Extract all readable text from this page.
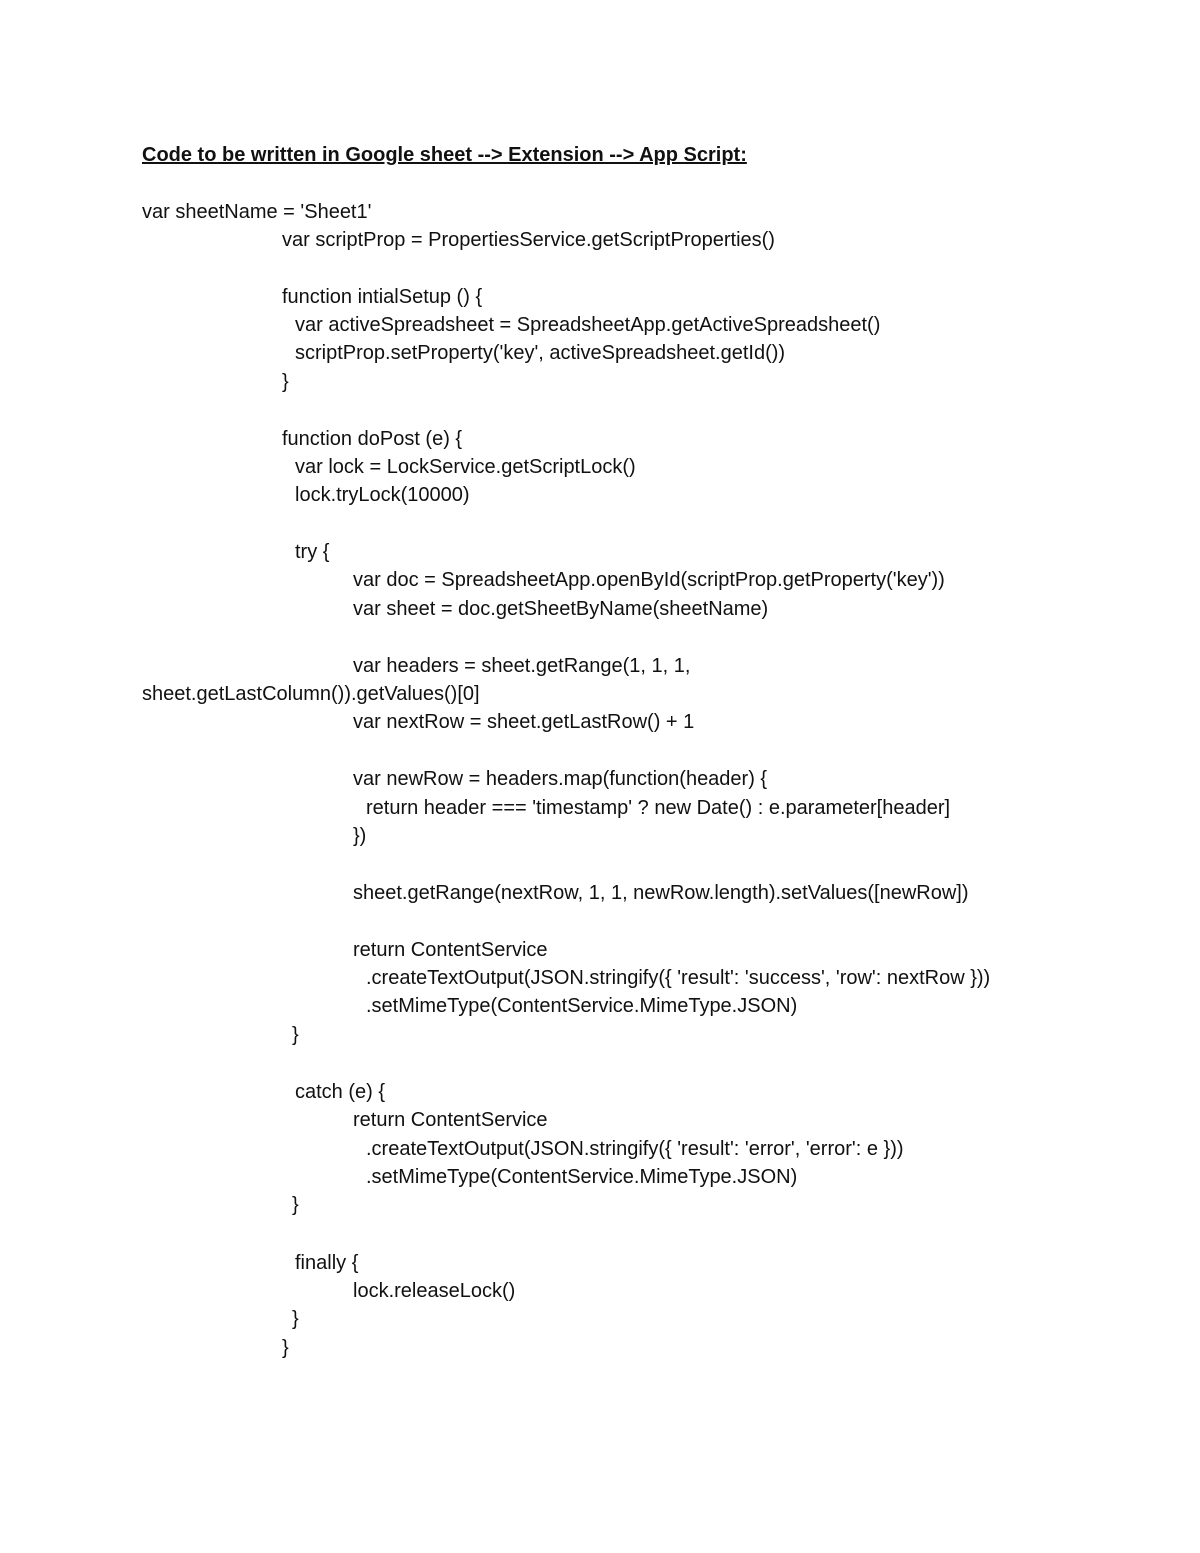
Code to be written in Google sheet --> Extension --> App Script:
var sheetName = 'Sheet1'
var scriptProp = PropertiesService.getScriptProperties()
function intialSetup () {
var activeSpreadsheet = SpreadsheetApp.getActiveSpreadsheet()
scriptProp.setProperty('key', activeSpreadsheet.getId())
}
function doPost (e) {
var lock = LockService.getScriptLock()
lock.tryLock(10000)
try {
var doc = SpreadsheetApp.openById(scriptProp.getProperty('key'))
var sheet = doc.getSheetByName(sheetName)
var headers = sheet.getRange(1, 1, 1,
sheet.getLastColumn()).getValues()[0]
var nextRow = sheet.getLastRow() + 1
var newRow = headers.map(function(header) {
return header === 'timestamp' ? new Date() : e.parameter[header]
})
sheet.getRange(nextRow, 1, 1, newRow.length).setValues([newRow])
return ContentService
.createTextOutput(JSON.stringify({ 'result': 'success', 'row': nextRow }))
.setMimeType(ContentService.MimeType.JSON)
}
catch (e) {
return ContentService
.createTextOutput(JSON.stringify({ 'result': 'error', 'error': e }))
.setMimeType(ContentService.MimeType.JSON)
}
finally {
lock.releaseLock()
}
}
